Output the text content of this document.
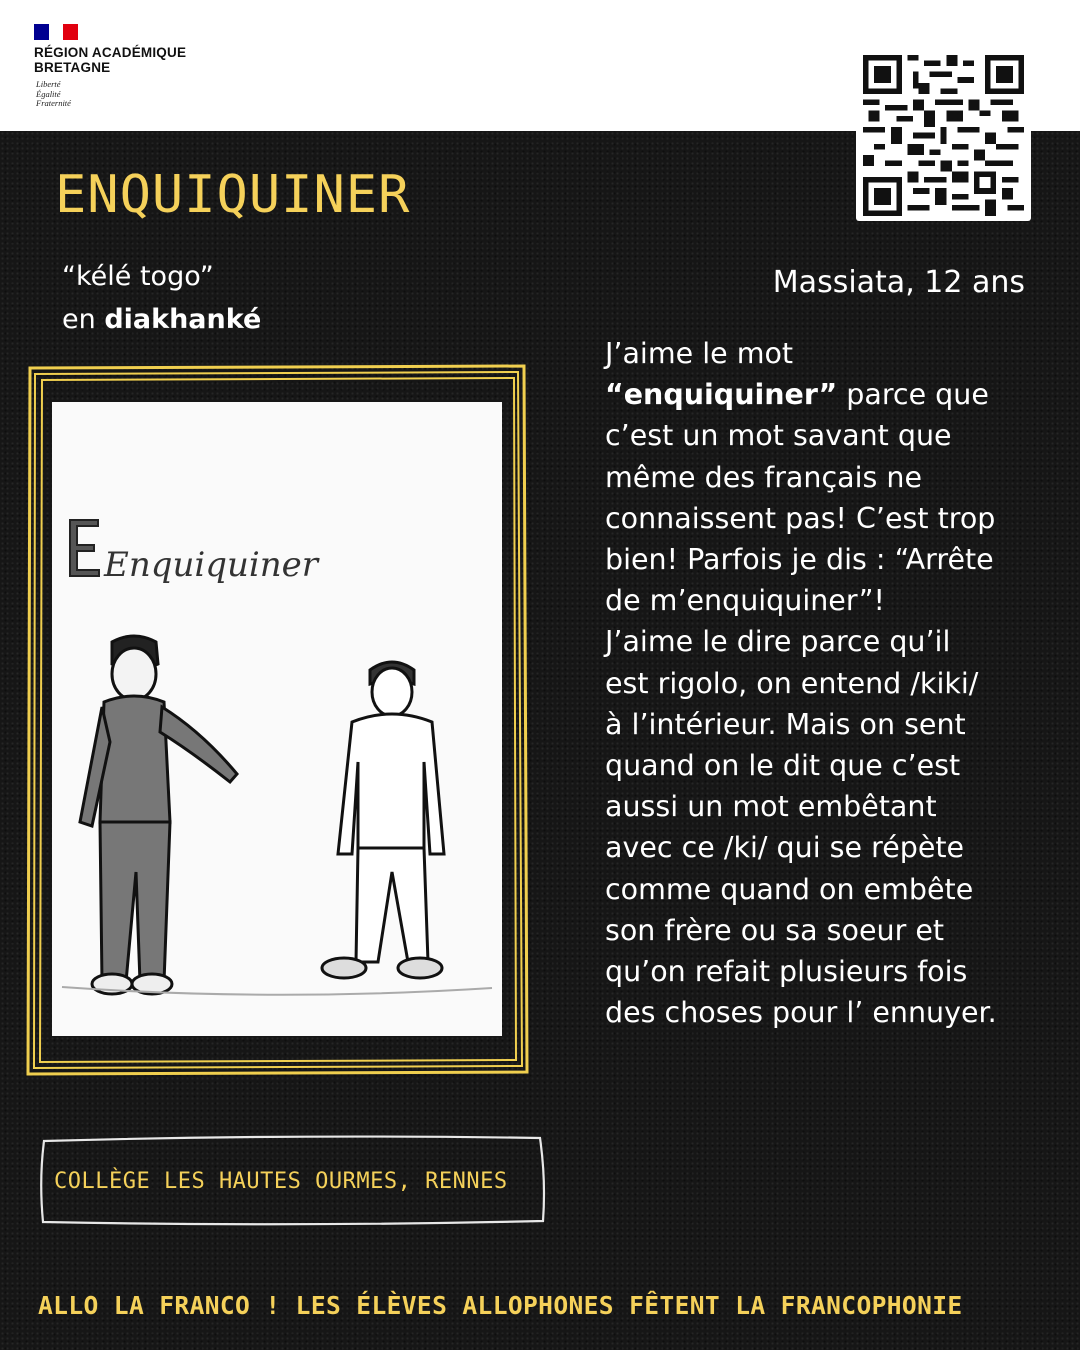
RÉGION ACADÉMIQUE
BRETAGNE
Liberté
Égalité
Fraternité
ENQUIQUINER
“kélé togo”
en diakhanké
Massiata, 12 ans
J’aime le mot
“enquiquiner” parce que
c’est un mot savant que
même des français ne
connaissent pas! C’est trop
bien! Parfois je dis : “Arrête
de m’enquiquiner”!
J’aime le dire parce qu’il
est rigolo, on entend /kiki/
à l’intérieur. Mais on sent
quand on le dit que c’est
aussi un mot embêtant
avec ce /ki/ qui se répète
comme quand on embête
son frère ou sa soeur et
qu’on refait plusieurs fois
des choses pour l’ ennuyer.
Enquiquiner
COLLÈGE LES HAUTES OURMES, RENNES
ALLO LA FRANCO ! LES ÉLÈVES ALLOPHONES FÊTENT LA FRANCOPHONIE
